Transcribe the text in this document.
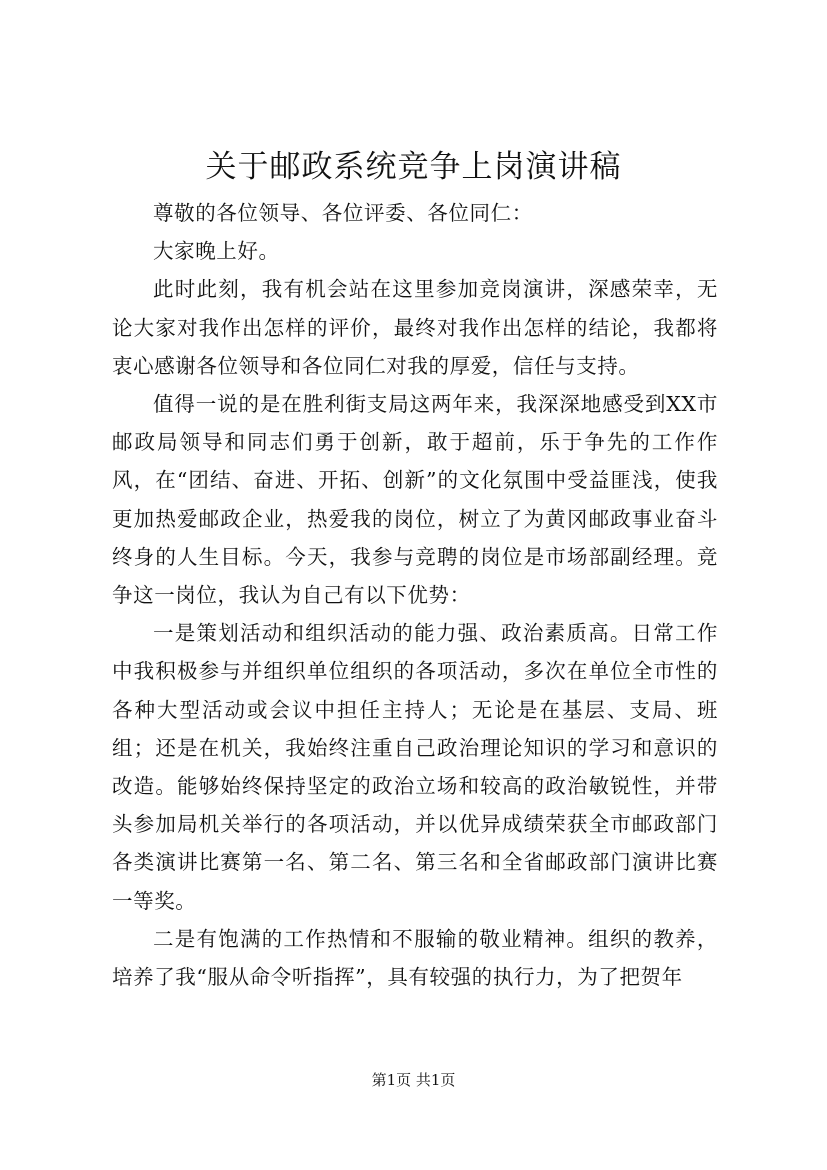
关于邮政系统竞争上岗演讲稿

尊敬的各位领导、各位评委、各位同仁：

大家晚上好。

此时此刻，我有机会站在这里参加竞岗演讲，深感荣幸，无论大家对我作出怎样的评价，最终对我作出怎样的结论，我都将衷心感谢各位领导和各位同仁对我的厚爱，信任与支持。

值得一说的是在胜利街支局这两年来，我深深地感受到XX市邮政局领导和同志们勇于创新，敢于超前，乐于争先的工作作风，在“团结、奋进、开拓、创新”的文化氛围中受益匪浅，使我更加热爱邮政企业，热爱我的岗位，树立了为黄冈邮政事业奋斗终身的人生目标。今天，我参与竞聘的岗位是市场部副经理。竞争这一岗位，我认为自己有以下优势：

一是策划活动和组织活动的能力强、政治素质高。日常工作中我积极参与并组织单位组织的各项活动，多次在单位全市性的各种大型活动或会议中担任主持人；无论是在基层、支局、班组；还是在机关，我始终注重自己政治理论知识的学习和意识的改造。能够始终保持坚定的政治立场和较高的政治敏锐性，并带头参加局机关举行的各项活动，并以优异成绩荣获全市邮政部门各类演讲比赛第一名、第二名、第三名和全省邮政部门演讲比赛一等奖。

二是有饱满的工作热情和不服输的敬业精神。组织的教养，培养了我“服从命令听指挥”，具有较强的执行力，为了把贺年

第1页 共1页
